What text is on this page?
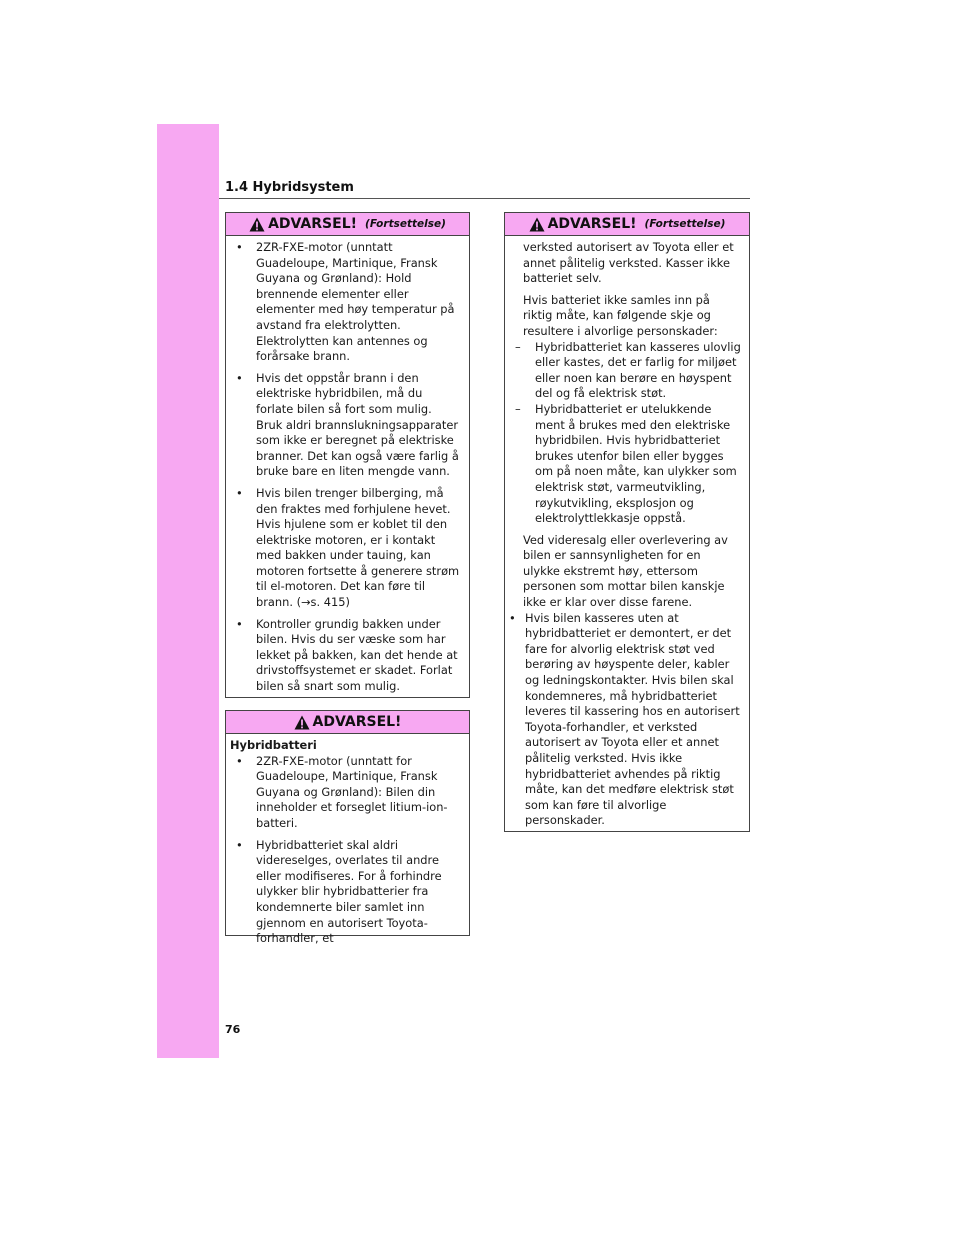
1.4 Hybridsystem
ADVARSEL! (Fortsettelse)
• 2ZR-FXE-motor (unntatt Guadeloupe, Martinique, Fransk Guyana og Grønland): Hold brennende elementer eller elementer med høy temperatur på avstand fra elektrolytten. Elektrolytten kan antennes og forårsake brann.
• Hvis det oppstår brann i den elektriske hybridbilen, må du forlate bilen så fort som mulig. Bruk aldri brannslukningsapparater som ikke er beregnet på elektriske branner. Det kan også være farlig å bruke bare en liten mengde vann.
• Hvis bilen trenger bilberging, må den fraktes med forhjulene hevet. Hvis hjulene som er koblet til den elektriske motoren, er i kontakt med bakken under tauing, kan motoren fortsette å generere strøm til el-motoren. Det kan føre til brann. (→s. 415)
• Kontroller grundig bakken under bilen. Hvis du ser væske som har lekket på bakken, kan det hende at drivstoffsystemet er skadet. Forlat bilen så snart som mulig.
ADVARSEL!
Hybridbatteri
• 2ZR-FXE-motor (unntatt for Guadeloupe, Martinique, Fransk Guyana og Grønland): Bilen din inneholder et forseglet litium-ion-batteri.
• Hybridbatteriet skal aldri videreselges, overlates til andre eller modifiseres. For å forhindre ulykker blir hybridbatterier fra kondemnerte biler samlet inn gjennom en autorisert Toyota-forhandler, et
ADVARSEL! (Fortsettelse)
verksted autorisert av Toyota eller et annet pålitelig verksted. Kasser ikke batteriet selv.
Hvis batteriet ikke samles inn på riktig måte, kan følgende skje og resultere i alvorlige personskader:
– Hybridbatteriet kan kasseres ulovlig eller kastes, det er farlig for miljøet eller noen kan berøre en høyspent del og få elektrisk støt.
– Hybridbatteriet er utelukkende ment å brukes med den elektriske hybridbilen. Hvis hybridbatteriet brukes utenfor bilen eller bygges om på noen måte, kan ulykker som elektrisk støt, varmeutvikling, røykutvikling, eksplosjon og elektrolyttlekkasje oppstå.
Ved videresalg eller overlevering av bilen er sannsynligheten for en ulykke ekstremt høy, ettersom personen som mottar bilen kanskje ikke er klar over disse farene.
• Hvis bilen kasseres uten at hybridbatteriet er demontert, er det fare for alvorlig elektrisk støt ved berøring av høyspente deler, kabler og ledningskontakter. Hvis bilen skal kondemneres, må hybridbatteriet leveres til kassering hos en autorisert Toyota-forhandler, et verksted autorisert av Toyota eller et annet pålitelig verksted. Hvis ikke hybridbatteriet avhendes på riktig måte, kan det medføre elektrisk støt som kan føre til alvorlige personskader.
76
